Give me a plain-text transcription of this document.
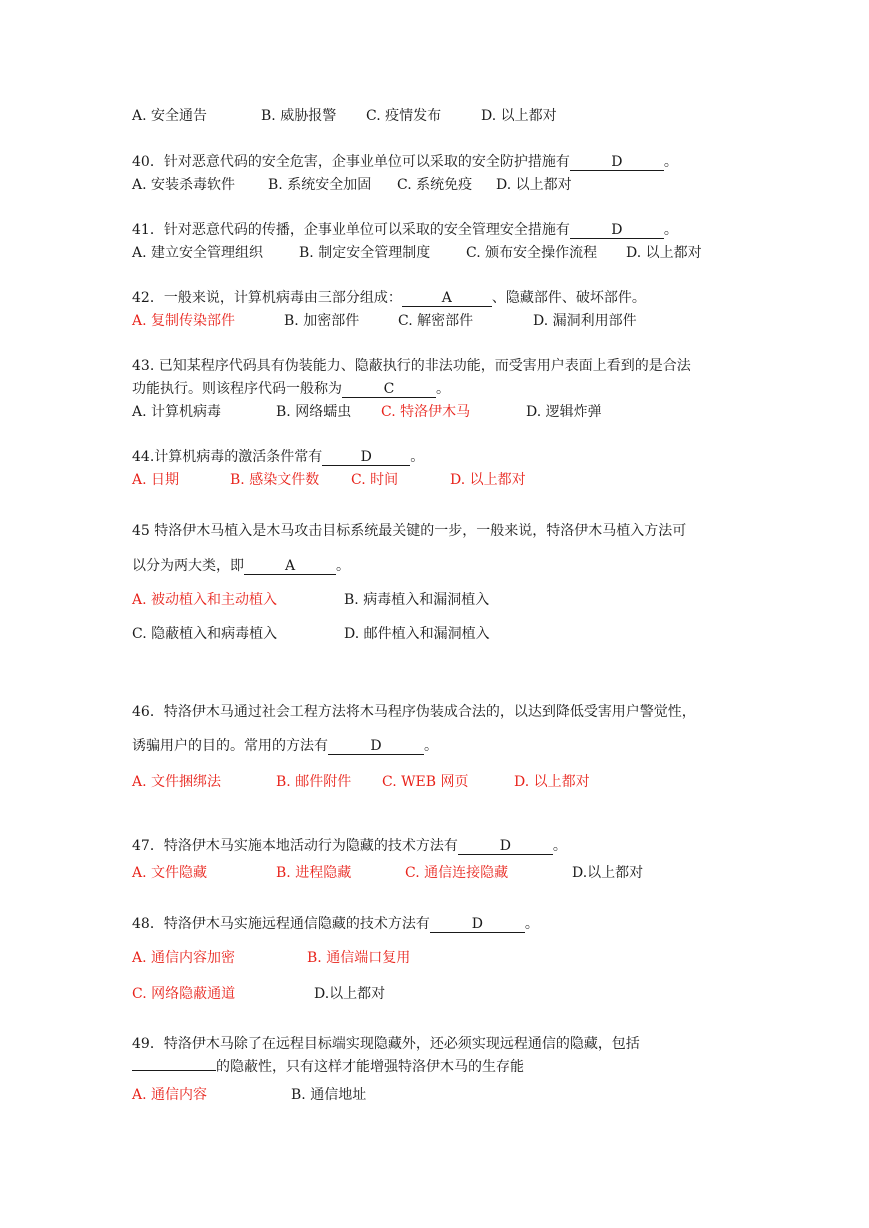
A. 安全通告	B. 威胁报警 C. 疫情发布	D. 以上都对
40．针对恶意代码的安全危害，企事业单位可以采取的安全防护措施有	D	。
A. 安装杀毒软件 B. 系统安全加固 C. 系统免疫 D. 以上都对
41．针对恶意代码的传播，企事业单位可以采取的安全管理安全措施有	D	。
A. 建立安全管理组织	B. 制定安全管理制度	C. 颁布安全操作流程 D. 以上都对
42．一般来说，计算机病毒由三部分组成：	A	、隐藏部件、破坏部件。
A. 复制传染部件	B. 加密部件	C. 解密部件	D. 漏洞利用部件
43. 已知某程序代码具有伪装能力、隐蔽执行的非法功能，而受害用户表面上看到的是合法
功能执行。则该程序代码一般称为	C	。
A. 计算机病毒	B. 网络蠕虫 C. 特洛伊木马	D. 逻辑炸弹
44.计算机病毒的激活条件常有	D	。
A. 日期	B. 感染文件数 C. 时间	D. 以上都对
45 特洛伊木马植入是木马攻击目标系统最关键的一步，一般来说，特洛伊木马植入方法可
以分为两大类，即	A	。
A. 被动植入和主动植入	B. 病毒植入和漏洞植入
C. 隐蔽植入和病毒植入	D. 邮件植入和漏洞植入
46．特洛伊木马通过社会工程方法将木马程序伪装成合法的，以达到降低受害用户警觉性，
诱骗用户的目的。常用的方法有	D	。
A. 文件捆绑法	B. 邮件附件 C. WEB 网页	D. 以上都对
47．特洛伊木马实施本地活动行为隐藏的技术方法有	D	。
A. 文件隐藏	B. 进程隐藏	C. 通信连接隐藏	D.以上都对
48．特洛伊木马实施远程通信隐藏的技术方法有	D	。
A. 通信内容加密	B. 通信端口复用
C. 网络隐蔽通道	D.以上都对
49．特洛伊木马除了在远程目标端实现隐藏外，还必须实现远程通信的隐藏，包括
的隐蔽性，只有这样才能增强特洛伊木马的生存能
A. 通信内容	B. 通信地址
